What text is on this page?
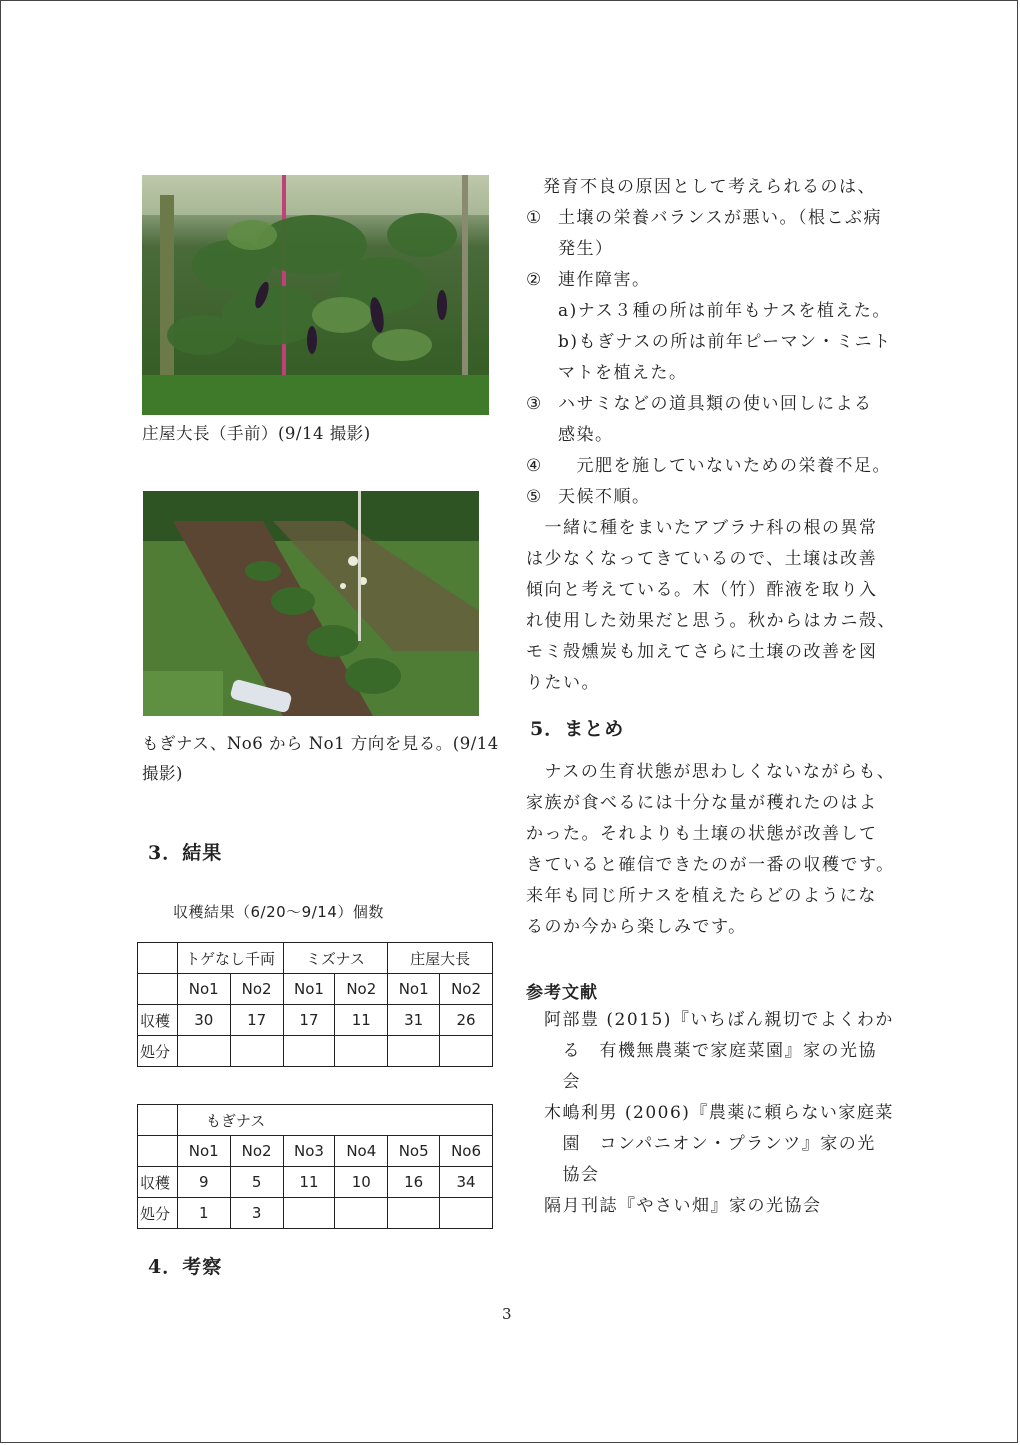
庄屋大長（手前）(9/14 撮影)
もぎナス、No6 から No1 方向を見る。(9/14
撮影)
3．結果
収穫結果（6/20～9/14）個数
	トゲなし千両		ミズナス		庄屋大長	
	No1	No2	No1	No2	No1	No2
収穫	30	17	17	11	31	26
処分						
	もぎナス					
	No1	No2	No3	No4	No5	No6
収穫	9	5	11	10	16	34
処分	1	3				
4．考察
発育不良の原因として考えられるのは、
① 土壌の栄養バランスが悪い。（根こぶ病
発生）
② 連作障害。
a)ナス３種の所は前年もナスを植えた。
b)もぎナスの所は前年ピーマン・ミニト
マトを植えた。
③ ハサミなどの道具類の使い回しによる
感染。
④　元肥を施していないための栄養不足。
⑤ 天候不順。
　一緒に種をまいたアブラナ科の根の異常
は少なくなってきているので、土壌は改善
傾向と考えている。木（竹）酢液を取り入
れ使用した効果だと思う。秋からはカニ殻、
モミ殻燻炭も加えてさらに土壌の改善を図
りたい。
5．まとめ
　ナスの生育状態が思わしくないながらも、
家族が食べるには十分な量が穫れたのはよ
かった。それよりも土壌の状態が改善して
きていると確信できたのが一番の収穫です。
来年も同じ所ナスを植えたらどのようにな
るのか今から楽しみです。
参考文献
阿部豊 (2015)『いちばん親切でよくわか
　る　有機無農薬で家庭菜園』家の光協
　会
木嶋利男 (2006)『農薬に頼らない家庭菜
　園　コンパニオン・プランツ』家の光
　協会
隔月刊誌『やさい畑』家の光協会
3
